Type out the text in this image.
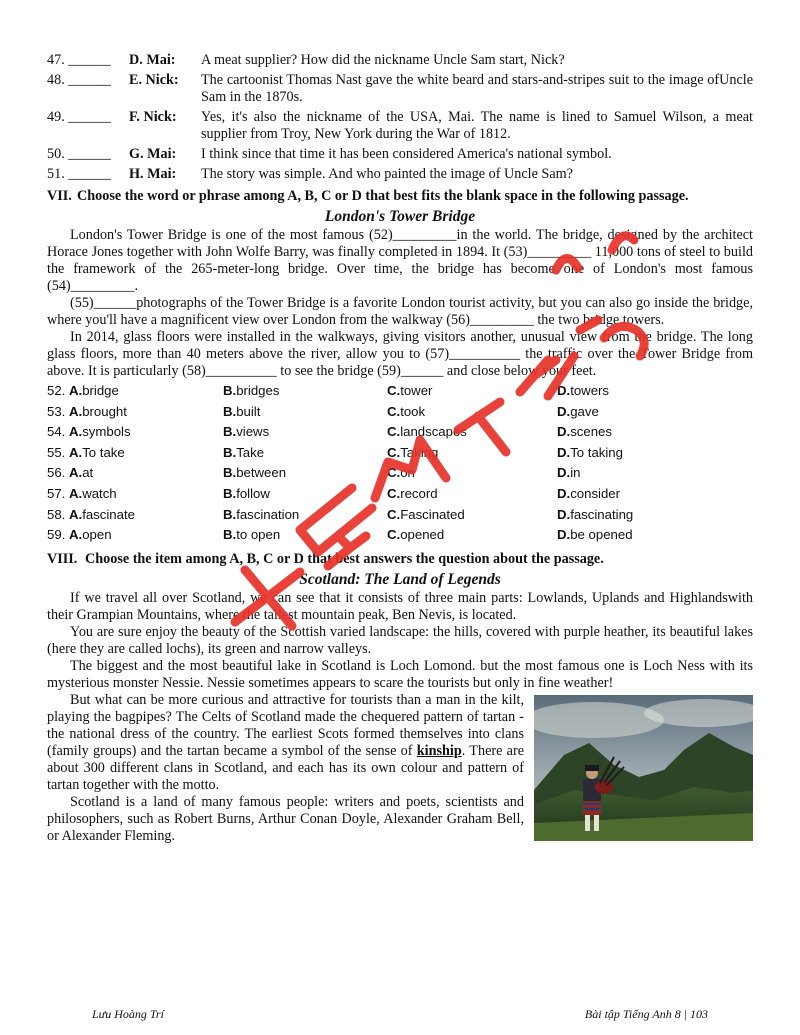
47. ______	D. Mai:	A meat supplier? How did the nickname Uncle Sam start, Nick?
48. ______	E. Nick:	The cartoonist Thomas Nast gave the white beard and stars-and-stripes suit to the image ofUncle Sam in the 1870s.
49. ______	F. Nick:	Yes, it's also the nickname of the USA, Mai. The name is lined to Samuel Wilson, a meat supplier from Troy, New York during the War of 1812.
50. ______	G. Mai:	I think since that time it has been considered America's national symbol.
51. ______	H. Mai:	The story was simple. And who painted the image of Uncle Sam?
VII. Choose the word or phrase among A, B, C or D that best fits the blank space in the following passage.
London's Tower Bridge

London's Tower Bridge is one of the most famous (52)_________in the world. The bridge, designed by the architect Horace Jones together with John Wolfe Barry, was finally completed in 1894. It (53)_________ 11,000 tons of steel to build the framework of the 265-meter-long bridge. Over time, the bridge has become one of London's most famous (54)_________.

(55)______photographs of the Tower Bridge is a favorite London tourist activity, but you can also go inside the bridge, where you'll have a magnificent view over London from the walkway (56)_________ the two bridge towers.

In 2014, glass floors were installed in the walkways, giving visitors another, unusual view from the bridge. The long glass floors, more than 40 meters above the river, allow you to (57)__________ the traffic over the Tower Bridge from above. It is particularly (58)__________ to see the bridge (59)______ and close below your feet.

52. A.bridge	B.bridges	C.tower	D.towers
53. A.brought	B.built	C.took	D.gave
54. A.symbols	B.views	C.landscapes	D.scenes
55. A.To take	B.Take	C.Taking	D.To taking
56. A.at	B.between	C.on	D.in
57. A.watch	B.follow	C.record	D.consider
58. A.fascinate	B.fascination	C.Fascinated	D.fascinating
59. A.open	B.to open	C.opened	D.be opened
VIII. Choose the item among A, B, C or D that best answers the question about the passage.
Scotland: The Land of Legends

If we travel all over Scotland, we can see that it consists of three main parts: Lowlands, Uplands and Highlandswith their Grampian Mountains, where the tallest mountain peak, Ben Nevis, is located.

You are sure enjoy the beauty of the Scottish varied landscape: the hills, covered with purple heather, its beautiful lakes (here they are called lochs), its green and narrow valleys.

The biggest and the most beautiful lake in Scotland is Loch Lomond. but the most famous one is Loch Ness with its mysterious monster Nessie. Nessie sometimes appears to scare the tourists but only in fine weather!

But what can be more curious and attractive for tourists than a man in the kilt, playing the bagpipes? The Celts of Scotland made the chequered pattern of tartan - the national dress of the country. The earliest Scots formed themselves into clans (family groups) and the tartan became a symbol of the sense of kinship. There are about 300 different clans in Scotland, and each has its own colour and pattern of tartan together with the motto.

Scotland is a land of many famous people: writers and poets, scientists and philosophers, such as Robert Burns, Arthur Conan Doyle, Alexander Graham Bell, or Alexander Fleming.

Lưu Hoàng Trí	Bài tập Tiếng Anh 8 | 103
